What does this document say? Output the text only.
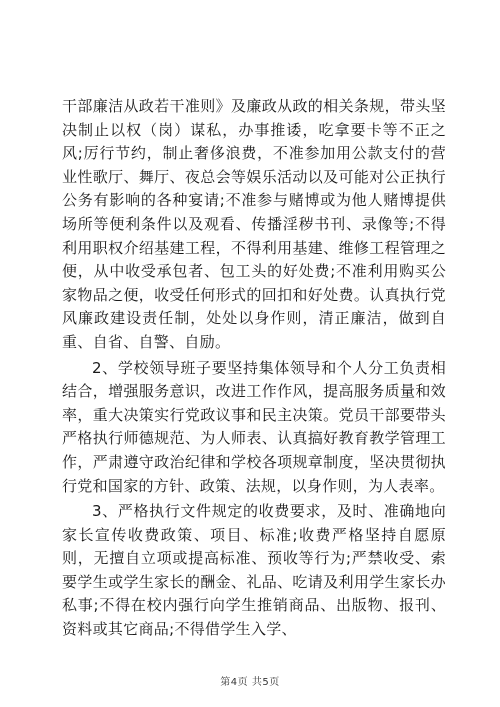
干部廉洁从政若干准则》及廉政从政的相关条规，带头坚决制止以权（岗）谋私，办事推诿，吃拿要卡等不正之风;厉行节约，制止奢侈浪费，不准参加用公款支付的营业性歌厅、舞厅、夜总会等娱乐活动以及可能对公正执行公务有影响的各种宴请;不准参与赌博或为他人赌博提供场所等便利条件以及观看、传播淫秽书刊、录像等;不得利用职权介绍基建工程，不得利用基建、维修工程管理之便，从中收受承包者、包工头的好处费;不准利用购买公家物品之便，收受任何形式的回扣和好处费。认真执行党风廉政建设责任制，处处以身作则，清正廉洁，做到自重、自省、自警、自励。

2、学校领导班子要坚持集体领导和个人分工负责相结合，增强服务意识，改进工作作风，提高服务质量和效率，重大决策实行党政议事和民主决策。党员干部要带头严格执行师德规范、为人师表、认真搞好教育教学管理工作，严肃遵守政治纪律和学校各项规章制度，坚决贯彻执行党和国家的方针、政策、法规，以身作则，为人表率。

3、严格执行文件规定的收费要求，及时、准确地向家长宣传收费政策、项目、标准;收费严格坚持自愿原则，无擅自立项或提高标准、预收等行为;严禁收受、索要学生或学生家长的酬金、礼品、吃请及利用学生家长办私事;不得在校内强行向学生推销商品、出版物、报刊、资料或其它商品;不得借学生入学、

第4页 共5页
